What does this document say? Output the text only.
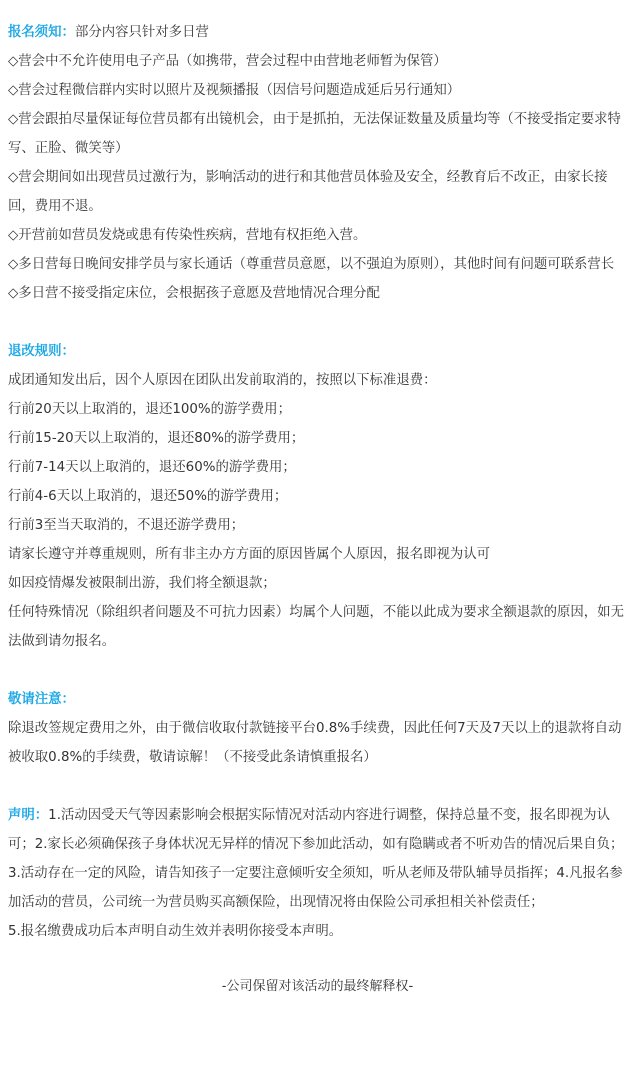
报名须知：部分内容只针对多日营

◇营会中不允许使用电子产品（如携带，营会过程中由营地老师暂为保管）

◇营会过程微信群内实时以照片及视频播报（因信号问题造成延后另行通知）

◇营会跟拍尽量保证每位营员都有出镜机会，由于是抓拍，无法保证数量及质量均等（不接受指定要求特写、正脸、微笑等）

◇营会期间如出现营员过激行为，影响活动的进行和其他营员体验及安全，经教育后不改正，由家长接回，费用不退。

◇开营前如营员发烧或患有传染性疾病，营地有权拒绝入营。

◇多日营每日晚间安排学员与家长通话（尊重营员意愿，以不强迫为原则），其他时间有问题可联系营长

◇多日营不接受指定床位，会根据孩子意愿及营地情况合理分配

退改规则：

成团通知发出后，因个人原因在团队出发前取消的，按照以下标准退费：

行前20天以上取消的，退还100%的游学费用；

行前15-20天以上取消的，退还80%的游学费用；

行前7-14天以上取消的，退还60%的游学费用；

行前4-6天以上取消的，退还50%的游学费用；

行前3至当天取消的，不退还游学费用；

请家长遵守并尊重规则，所有非主办方方面的原因皆属个人原因，报名即视为认可

如因疫情爆发被限制出游，我们将全额退款；

任何特殊情况（除组织者问题及不可抗力因素）均属个人问题，不能以此成为要求全额退款的原因，如无法做到请勿报名。

敬请注意：

除退改签规定费用之外，由于微信收取付款链接平台0.8%手续费，因此任何7天及7天以上的退款将自动被收取0.8%的手续费，敬请谅解！（不接受此条请慎重报名）

声明：1.活动因受天气等因素影响会根据实际情况对活动内容进行调整，保持总量不变，报名即视为认可；2.家长必须确保孩子身体状况无异样的情况下参加此活动，如有隐瞒或者不听劝告的情况后果自负；3.活动存在一定的风险，请告知孩子一定要注意倾听安全须知，听从老师及带队辅导员指挥；4.凡报名参加活动的营员，公司统一为营员购买高额保险，出现情况将由保险公司承担相关补偿责任；

5.报名缴费成功后本声明自动生效并表明你接受本声明。

-公司保留对该活动的最终解释权-
